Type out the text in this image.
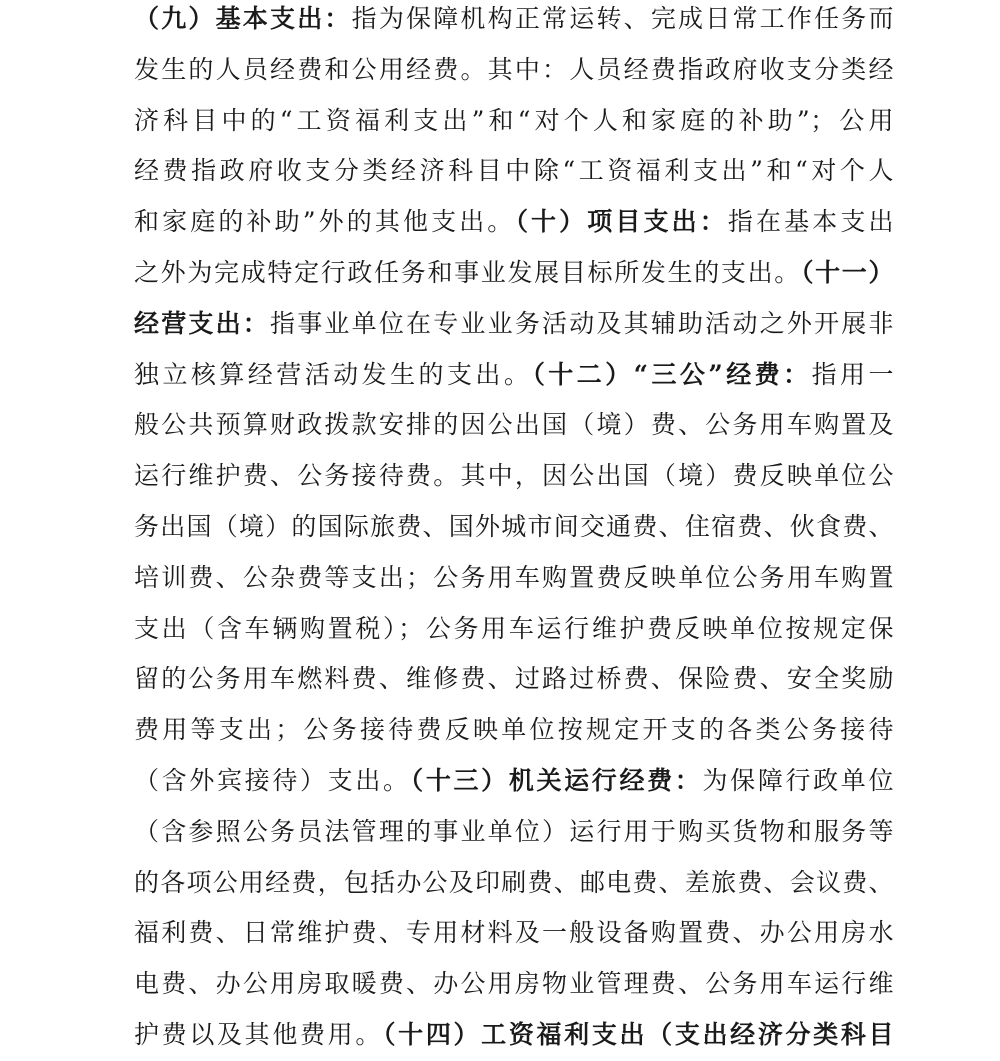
（九）基本支出：指为保障机构正常运转、完成日常工作任务而
发生的人员经费和公用经费。其中：人员经费指政府收支分类经
济科目中的“工资福利支出”和“对个人和家庭的补助”；公用
经费指政府收支分类经济科目中除“工资福利支出”和“对个人
和家庭的补助”外的其他支出。（十）项目支出：指在基本支出
之外为完成特定行政任务和事业发展目标所发生的支出。（十一）
经营支出：指事业单位在专业业务活动及其辅助活动之外开展非
独立核算经营活动发生的支出。（十二）“三公”经费：指用一
般公共预算财政拨款安排的因公出国（境）费、公务用车购置及
运行维护费、公务接待费。其中，因公出国（境）费反映单位公
务出国（境）的国际旅费、国外城市间交通费、住宿费、伙食费、
培训费、公杂费等支出；公务用车购置费反映单位公务用车购置
支出（含车辆购置税）；公务用车运行维护费反映单位按规定保
留的公务用车燃料费、维修费、过路过桥费、保险费、安全奖励
费用等支出；公务接待费反映单位按规定开支的各类公务接待
（含外宾接待）支出。（十三）机关运行经费：为保障行政单位
（含参照公务员法管理的事业单位）运行用于购买货物和服务等
的各项公用经费，包括办公及印刷费、邮电费、差旅费、会议费、
福利费、日常维护费、专用材料及一般设备购置费、办公用房水
电费、办公用房取暖费、办公用房物业管理费、公务用车运行维
护费以及其他费用。（十四）工资福利支出（支出经济分类科目
